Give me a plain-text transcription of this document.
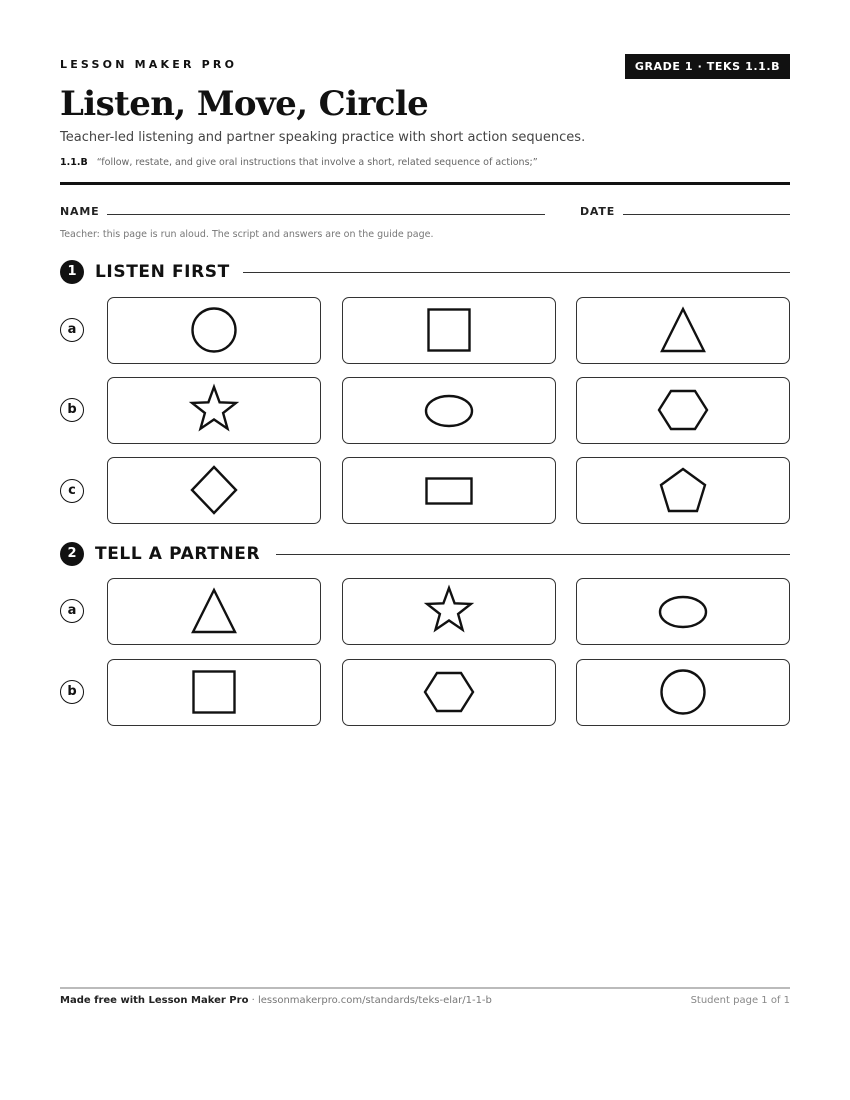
LESSON MAKER PRO	GRADE 1 · TEKS 1.1.B
Listen, Move, Circle
Teacher-led listening and partner speaking practice with short action sequences.
1.1.B “follow, restate, and give oral instructions that involve a short, related sequence of actions;”
NAME	DATE
Teacher: this page is run aloud. The script and answers are on the guide page.
1	LISTEN FIRST
a
b
c
2	TELL A PARTNER
a
b
Made free with Lesson Maker Pro · lessonmakerpro.com/standards/teks-elar/1-1-b	Student page 1 of 1
